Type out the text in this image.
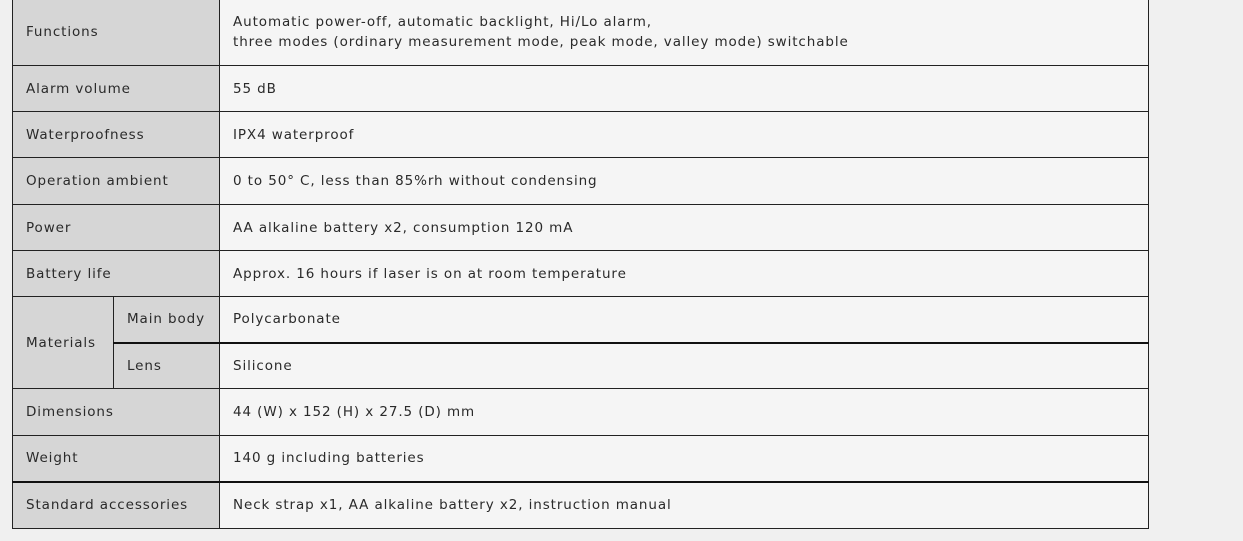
Functions		Automatic power-off, automatic backlight, Hi/Lo alarm,
three modes (ordinary measurement mode, peak mode, valley mode) switchable

Alarm volume		55 dB
Waterproofness		IPX4 waterproof
Operation ambient		0 to 50° C, less than 85%rh without condensing
Power		AA alkaline battery x2, consumption 120 mA
Battery life		Approx. 16 hours if laser is on at room temperature
Materials	Main body	Polycarbonate
	Lens	Silicone
Dimensions		44 (W) x 152 (H) x 27.5 (D) mm
Weight		140 g including batteries
Standard accessories		Neck strap x1, AA alkaline battery x2, instruction manual
